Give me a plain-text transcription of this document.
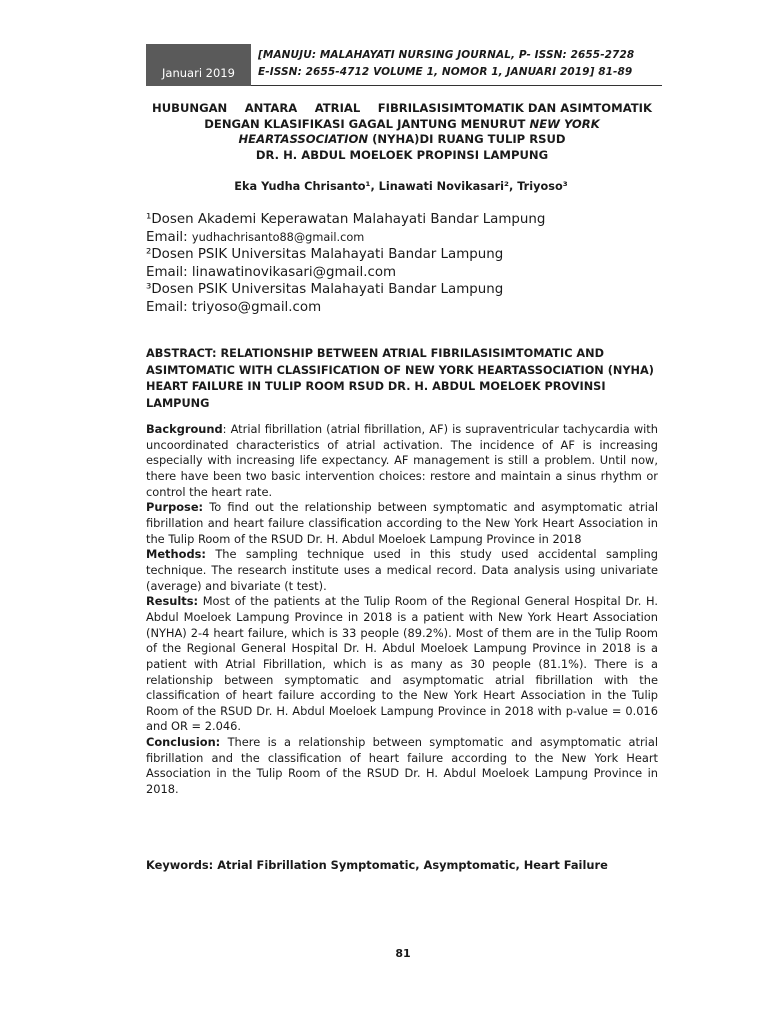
Januari 2019
[MANUJU: MALAHAYATI NURSING JOURNAL, P- ISSN: 2655-2728
E-ISSN: 2655-4712 VOLUME 1, NOMOR 1, JANUARI 2019] 81-89
HUBUNGAN ANTARA ATRIAL FIBRILASISIMTOMATIK DAN ASIMTOMATIK
DENGAN KLASIFIKASI GAGAL JANTUNG MENURUT NEW YORK
HEARTASSOCIATION (NYHA)DI RUANG TULIP RSUD
DR. H. ABDUL MOELOEK PROPINSI LAMPUNG
Eka Yudha Chrisanto¹, Linawati Novikasari², Triyoso³
¹Dosen Akademi Keperawatan Malahayati Bandar Lampung
Email: yudhachrisanto88@gmail.com
²Dosen PSIK Universitas Malahayati Bandar Lampung
Email: linawatinovikasari@gmail.com
³Dosen PSIK Universitas Malahayati Bandar Lampung
Email: triyoso@gmail.com
ABSTRACT: RELATIONSHIP BETWEEN ATRIAL FIBRILASISIMTOMATIC AND ASIMTOMATIC WITH CLASSIFICATION OF NEW YORK HEARTASSOCIATION (NYHA) HEART FAILURE IN TULIP ROOM RSUD DR. H. ABDUL MOELOEK PROVINSI LAMPUNG

Background: Atrial fibrillation (atrial fibrillation, AF) is supraventricular tachycardia with uncoordinated characteristics of atrial activation. The incidence of AF is increasing especially with increasing life expectancy. AF management is still a problem. Until now, there have been two basic intervention choices: restore and maintain a sinus rhythm or control the heart rate.

Purpose: To find out the relationship between symptomatic and asymptomatic atrial fibrillation and heart failure classification according to the New York Heart Association in the Tulip Room of the RSUD Dr. H. Abdul Moeloek Lampung Province in 2018

Methods: The sampling technique used in this study used accidental sampling technique. The research institute uses a medical record. Data analysis using univariate (average) and bivariate (t test).

Results: Most of the patients at the Tulip Room of the Regional General Hospital Dr. H. Abdul Moeloek Lampung Province in 2018 is a patient with New York Heart Association (NYHA) 2-4 heart failure, which is 33 people (89.2%). Most of them are in the Tulip Room of the Regional General Hospital Dr. H. Abdul Moeloek Lampung Province in 2018 is a patient with Atrial Fibrillation, which is as many as 30 people (81.1%). There is a relationship between symptomatic and asymptomatic atrial fibrillation with the classification of heart failure according to the New York Heart Association in the Tulip Room of the RSUD Dr. H. Abdul Moeloek Lampung Province in 2018 with p-value = 0.016 and OR = 2.046.

Conclusion: There is a relationship between symptomatic and asymptomatic atrial fibrillation and the classification of heart failure according to the New York Heart Association in the Tulip Room of the RSUD Dr. H. Abdul Moeloek Lampung Province in 2018.

Keywords: Atrial Fibrillation Symptomatic, Asymptomatic, Heart Failure
81
